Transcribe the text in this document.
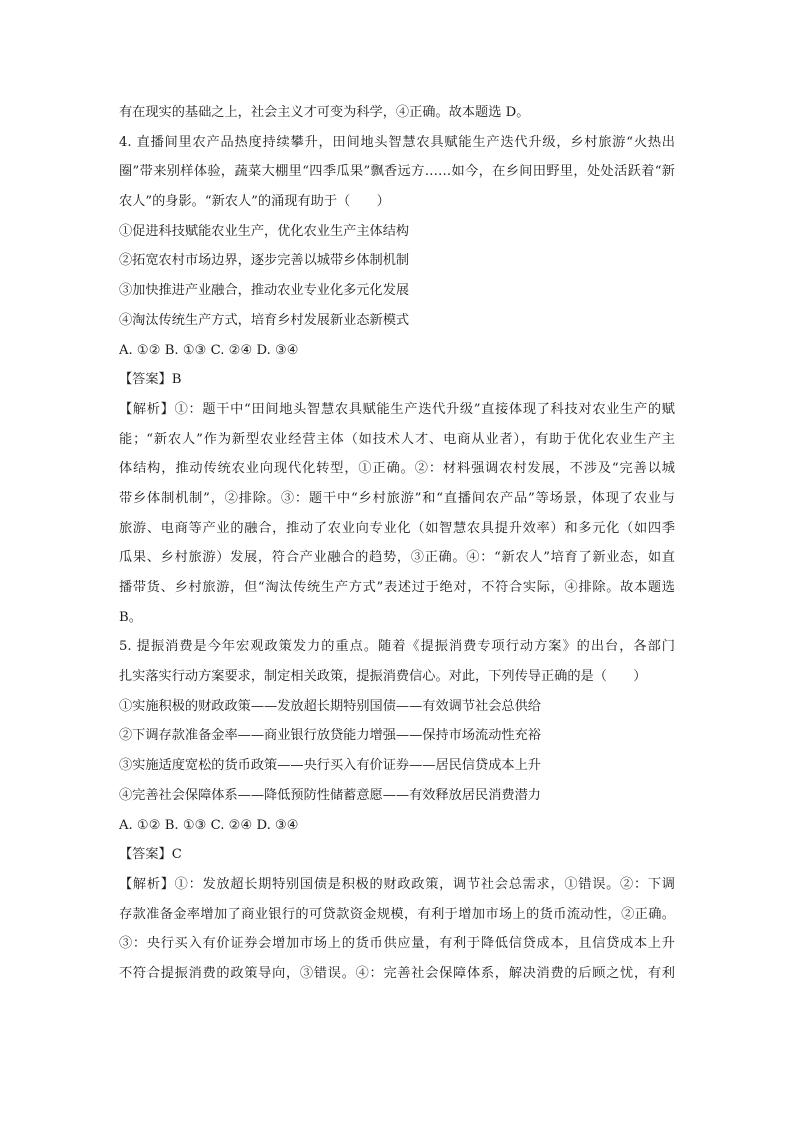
有在现实的基础之上，社会主义才可变为科学，④正确。故本题选 D。
4. 直播间里农产品热度持续攀升，田间地头智慧农具赋能生产迭代升级，乡村旅游“火热出
圈”带来别样体验，蔬菜大棚里“四季瓜果”飘香远方……如今，在乡间田野里，处处活跃着“新
农人”的身影。“新农人”的涌现有助于（　　）
①促进科技赋能农业生产，优化农业生产主体结构
②拓宽农村市场边界，逐步完善以城带乡体制机制
③加快推进产业融合，推动农业专业化多元化发展
④淘汰传统生产方式，培育乡村发展新业态新模式
A. ①② B. ①③ C. ②④ D. ③④
【答案】B
【解析】①：题干中“田间地头智慧农具赋能生产迭代升级”直接体现了科技对农业生产的赋
能；“新农人”作为新型农业经营主体（如技术人才、电商从业者），有助于优化农业生产主
体结构，推动传统农业向现代化转型，①正确。②：材料强调农村发展，不涉及“完善以城
带乡体制机制”，②排除。③：题干中“乡村旅游”和“直播间农产品”等场景，体现了农业与
旅游、电商等产业的融合，推动了农业向专业化（如智慧农具提升效率）和多元化（如四季
瓜果、乡村旅游）发展，符合产业融合的趋势，③正确。④：“新农人”培育了新业态，如直
播带货、乡村旅游，但“淘汰传统生产方式”表述过于绝对，不符合实际，④排除。故本题选
B。
5. 提振消费是今年宏观政策发力的重点。随着《提振消费专项行动方案》的出台，各部门
扎实落实行动方案要求，制定相关政策，提振消费信心。对此，下列传导正确的是（　　）
①实施积极的财政政策——发放超长期特别国债——有效调节社会总供给
②下调存款准备金率——商业银行放贷能力增强——保持市场流动性充裕
③实施适度宽松的货币政策——央行买入有价证券——居民信贷成本上升
④完善社会保障体系——降低预防性储蓄意愿——有效释放居民消费潜力
A. ①② B. ①③ C. ②④ D. ③④
【答案】C
【解析】①：发放超长期特别国债是积极的财政政策，调节社会总需求，①错误。②：下调
存款准备金率增加了商业银行的可贷款资金规模，有利于增加市场上的货币流动性，②正确。
③：央行买入有价证券会增加市场上的货币供应量，有利于降低信贷成本，且信贷成本上升
不符合提振消费的政策导向，③错误。④：完善社会保障体系，解决消费的后顾之忧，有利
